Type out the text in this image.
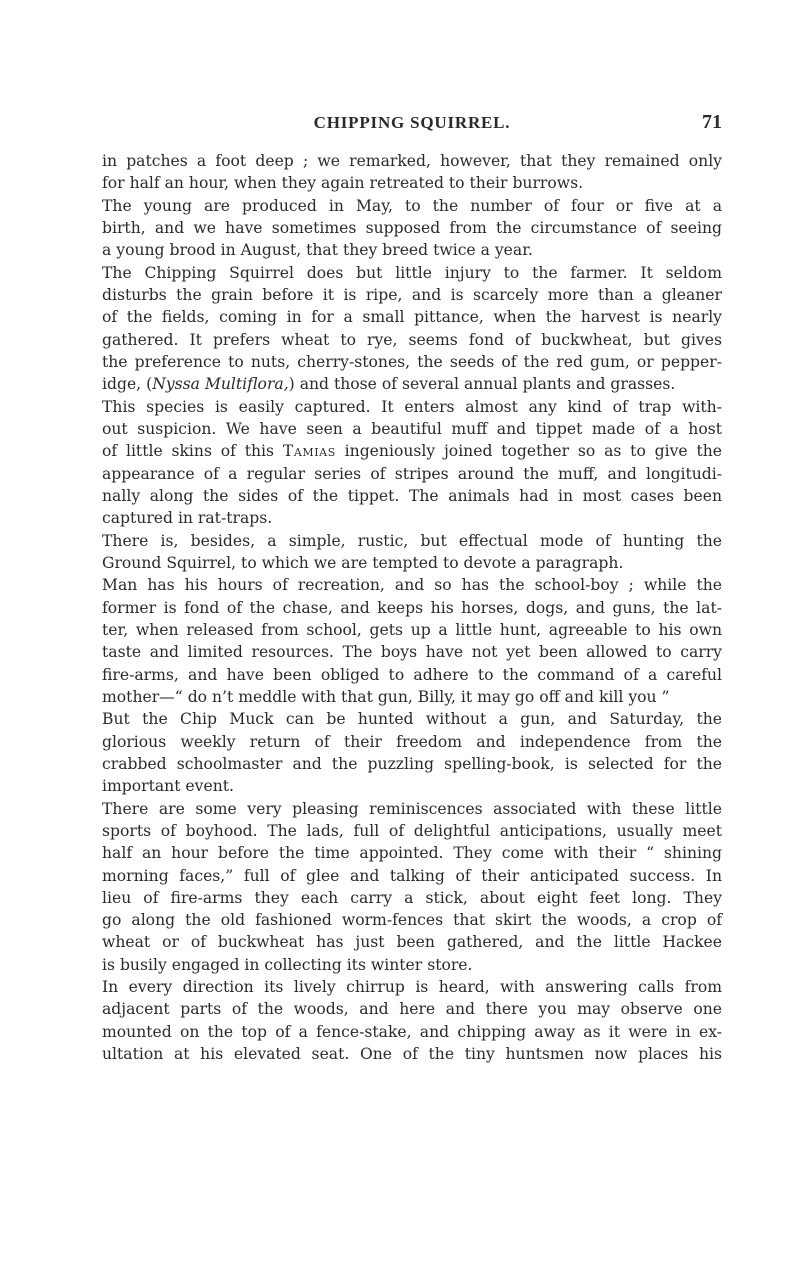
CHIPPING SQUIRREL.	71
in patches a foot deep ; we remarked, however, that they remained only
for half an hour, when they again retreated to their burrows.
The young are produced in May, to the number of four or five at a
birth, and we have sometimes supposed from the circumstance of seeing
a young brood in August, that they breed twice a year.
The Chipping Squirrel does but little injury to the farmer. It seldom
disturbs the grain before it is ripe, and is scarcely more than a gleaner
of the fields, coming in for a small pittance, when the harvest is nearly
gathered. It prefers wheat to rye, seems fond of buckwheat, but gives
the preference to nuts, cherry-stones, the seeds of the red gum, or pepper-
idge, (Nyssa Multiflora,) and those of several annual plants and grasses.
This species is easily captured. It enters almost any kind of trap with-
out suspicion. We have seen a beautiful muff and tippet made of a host
of little skins of this Tamias ingeniously joined together so as to give the
appearance of a regular series of stripes around the muff, and longitudi-
nally along the sides of the tippet. The animals had in most cases been
captured in rat-traps.
There is, besides, a simple, rustic, but effectual mode of hunting the
Ground Squirrel, to which we are tempted to devote a paragraph.
Man has his hours of recreation, and so has the school-boy ; while the
former is fond of the chase, and keeps his horses, dogs, and guns, the lat-
ter, when released from school, gets up a little hunt, agreeable to his own
taste and limited resources. The boys have not yet been allowed to carry
fire-arms, and have been obliged to adhere to the command of a careful
mother—“ do n’t meddle with that gun, Billy, it may go off and kill you ”
But the Chip Muck can be hunted without a gun, and Saturday, the
glorious weekly return of their freedom and independence from the
crabbed schoolmaster and the puzzling spelling-book, is selected for the
important event.
There are some very pleasing reminiscences associated with these little
sports of boyhood. The lads, full of delightful anticipations, usually meet
half an hour before the time appointed. They come with their “ shining
morning faces,” full of glee and talking of their anticipated success. In
lieu of fire-arms they each carry a stick, about eight feet long. They
go along the old fashioned worm-fences that skirt the woods, a crop of
wheat or of buckwheat has just been gathered, and the little Hackee
is busily engaged in collecting its winter store.
In every direction its lively chirrup is heard, with answering calls from
adjacent parts of the woods, and here and there you may observe one
mounted on the top of a fence-stake, and chipping away as it were in ex-
ultation at his elevated seat. One of the tiny huntsmen now places his
